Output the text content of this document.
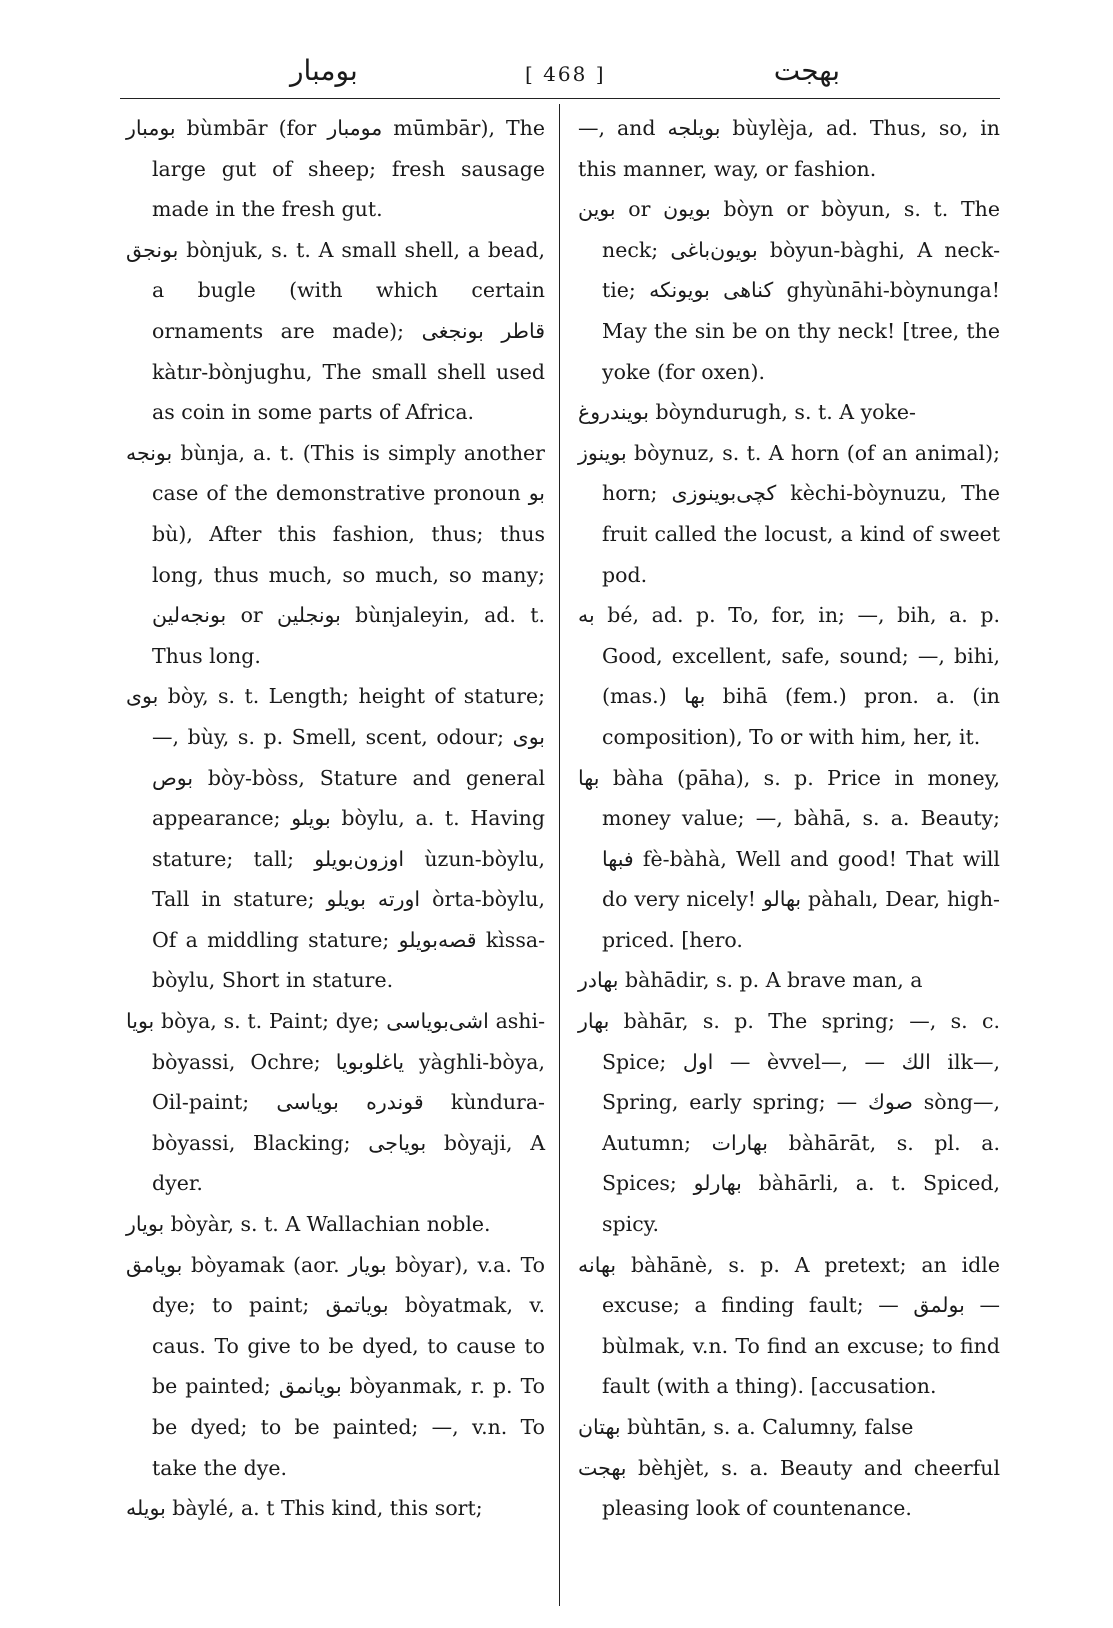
بومبار	[ 468 ]	بهجت

بومبار bùmbār (for مومبار mūmbār), The large gut of sheep; fresh sausage made in the fresh gut.

بونجق bònjuk, s. t. A small shell, a bead, a bugle (with which certain ornaments are made); قاطر بونجغى kàtır-bònjughu, The small shell used as coin in some parts of Africa.

بونجه bùnja, a. t. (This is simply another case of the demonstrative pronoun بو bù), After this fashion, thus; thus long, thus much, so much, so many; بونجه‌لين or بونجلين bùnjaleyin, ad. t. Thus long.

بوى bòy, s. t. Length; height of stature; —, bùy, s. p. Smell, scent, odour; بوى بوص bòy-bòss, Stature and general appearance; بويلو bòylu, a. t. Having stature; tall; اوزون‌بويلو ùzun-bòylu, Tall in stature; اورته بويلو òrta-bòylu, Of a middling stature; قصه‌بويلو kìssa-bòylu, Short in stature.

بويا bòya, s. t. Paint; dye; اشى‌بوياسى ashi-bòyassi, Ochre; ياغلوبويا yàghli-bòya, Oil-paint; قوندره بوياسى kùndura-bòyassi, Blacking; بوياجى bòyaji, A dyer.

بويار bòyàr, s. t. A Wallachian noble.

بويامق bòyamak (aor. بويار bòyar), v.a. To dye; to paint; بوياتمق bòyatmak, v. caus. To give to be dyed, to cause to be painted; بويانمق bòyanmak, r. p. To be dyed; to be painted; —, v.n. To take the dye.

بويله bàylé, a. t This kind, this sort;

—, and بويلجه bùylèja, ad. Thus, so, in this manner, way, or fashion.

بوين or بويون bòyn or bòyun, s. t. The neck; بويون‌باغى bòyun-bàghi, A neck-tie; كناهى بويونكه ghyùnāhi-bòynunga! May the sin be on thy neck! [tree, the yoke (for oxen).

بويندروغ bòyndurugh, s. t. A yoke-

بوينوز bòynuz, s. t. A horn (of an animal); horn; كچى‌بوينوزى kèchi-bòynuzu, The fruit called the locust, a kind of sweet pod.

به bé, ad. p. To, for, in; —, bih, a. p. Good, excellent, safe, sound; —, bihi, (mas.) بها bihā (fem.) pron. a. (in composition), To or with him, her, it.

بها bàha (pāha), s. p. Price in money, money value; —, bàhā, s. a. Beauty; فبها fè-bàhà, Well and good! That will do very nicely! بهالو pàhalı, Dear, high-priced. [hero.

بهادر bàhādir, s. p. A brave man, a

بهار bàhār, s. p. The spring; —, s. c. Spice; اول — èvvel—, — الك ilk—, Spring, early spring; — صوك sòng—, Autumn; بهارات bàhārāt, s. pl. a. Spices; بهارلو bàhārli, a. t. Spiced, spicy.

بهانه bàhānè, s. p. A pretext; an idle excuse; a finding fault; — بولمق —bùlmak, v.n. To find an excuse; to find fault (with a thing). [accusation.

بهتان bùhtān, s. a. Calumny, false

بهجت bèhjèt, s. a. Beauty and cheerful pleasing look of countenance.
